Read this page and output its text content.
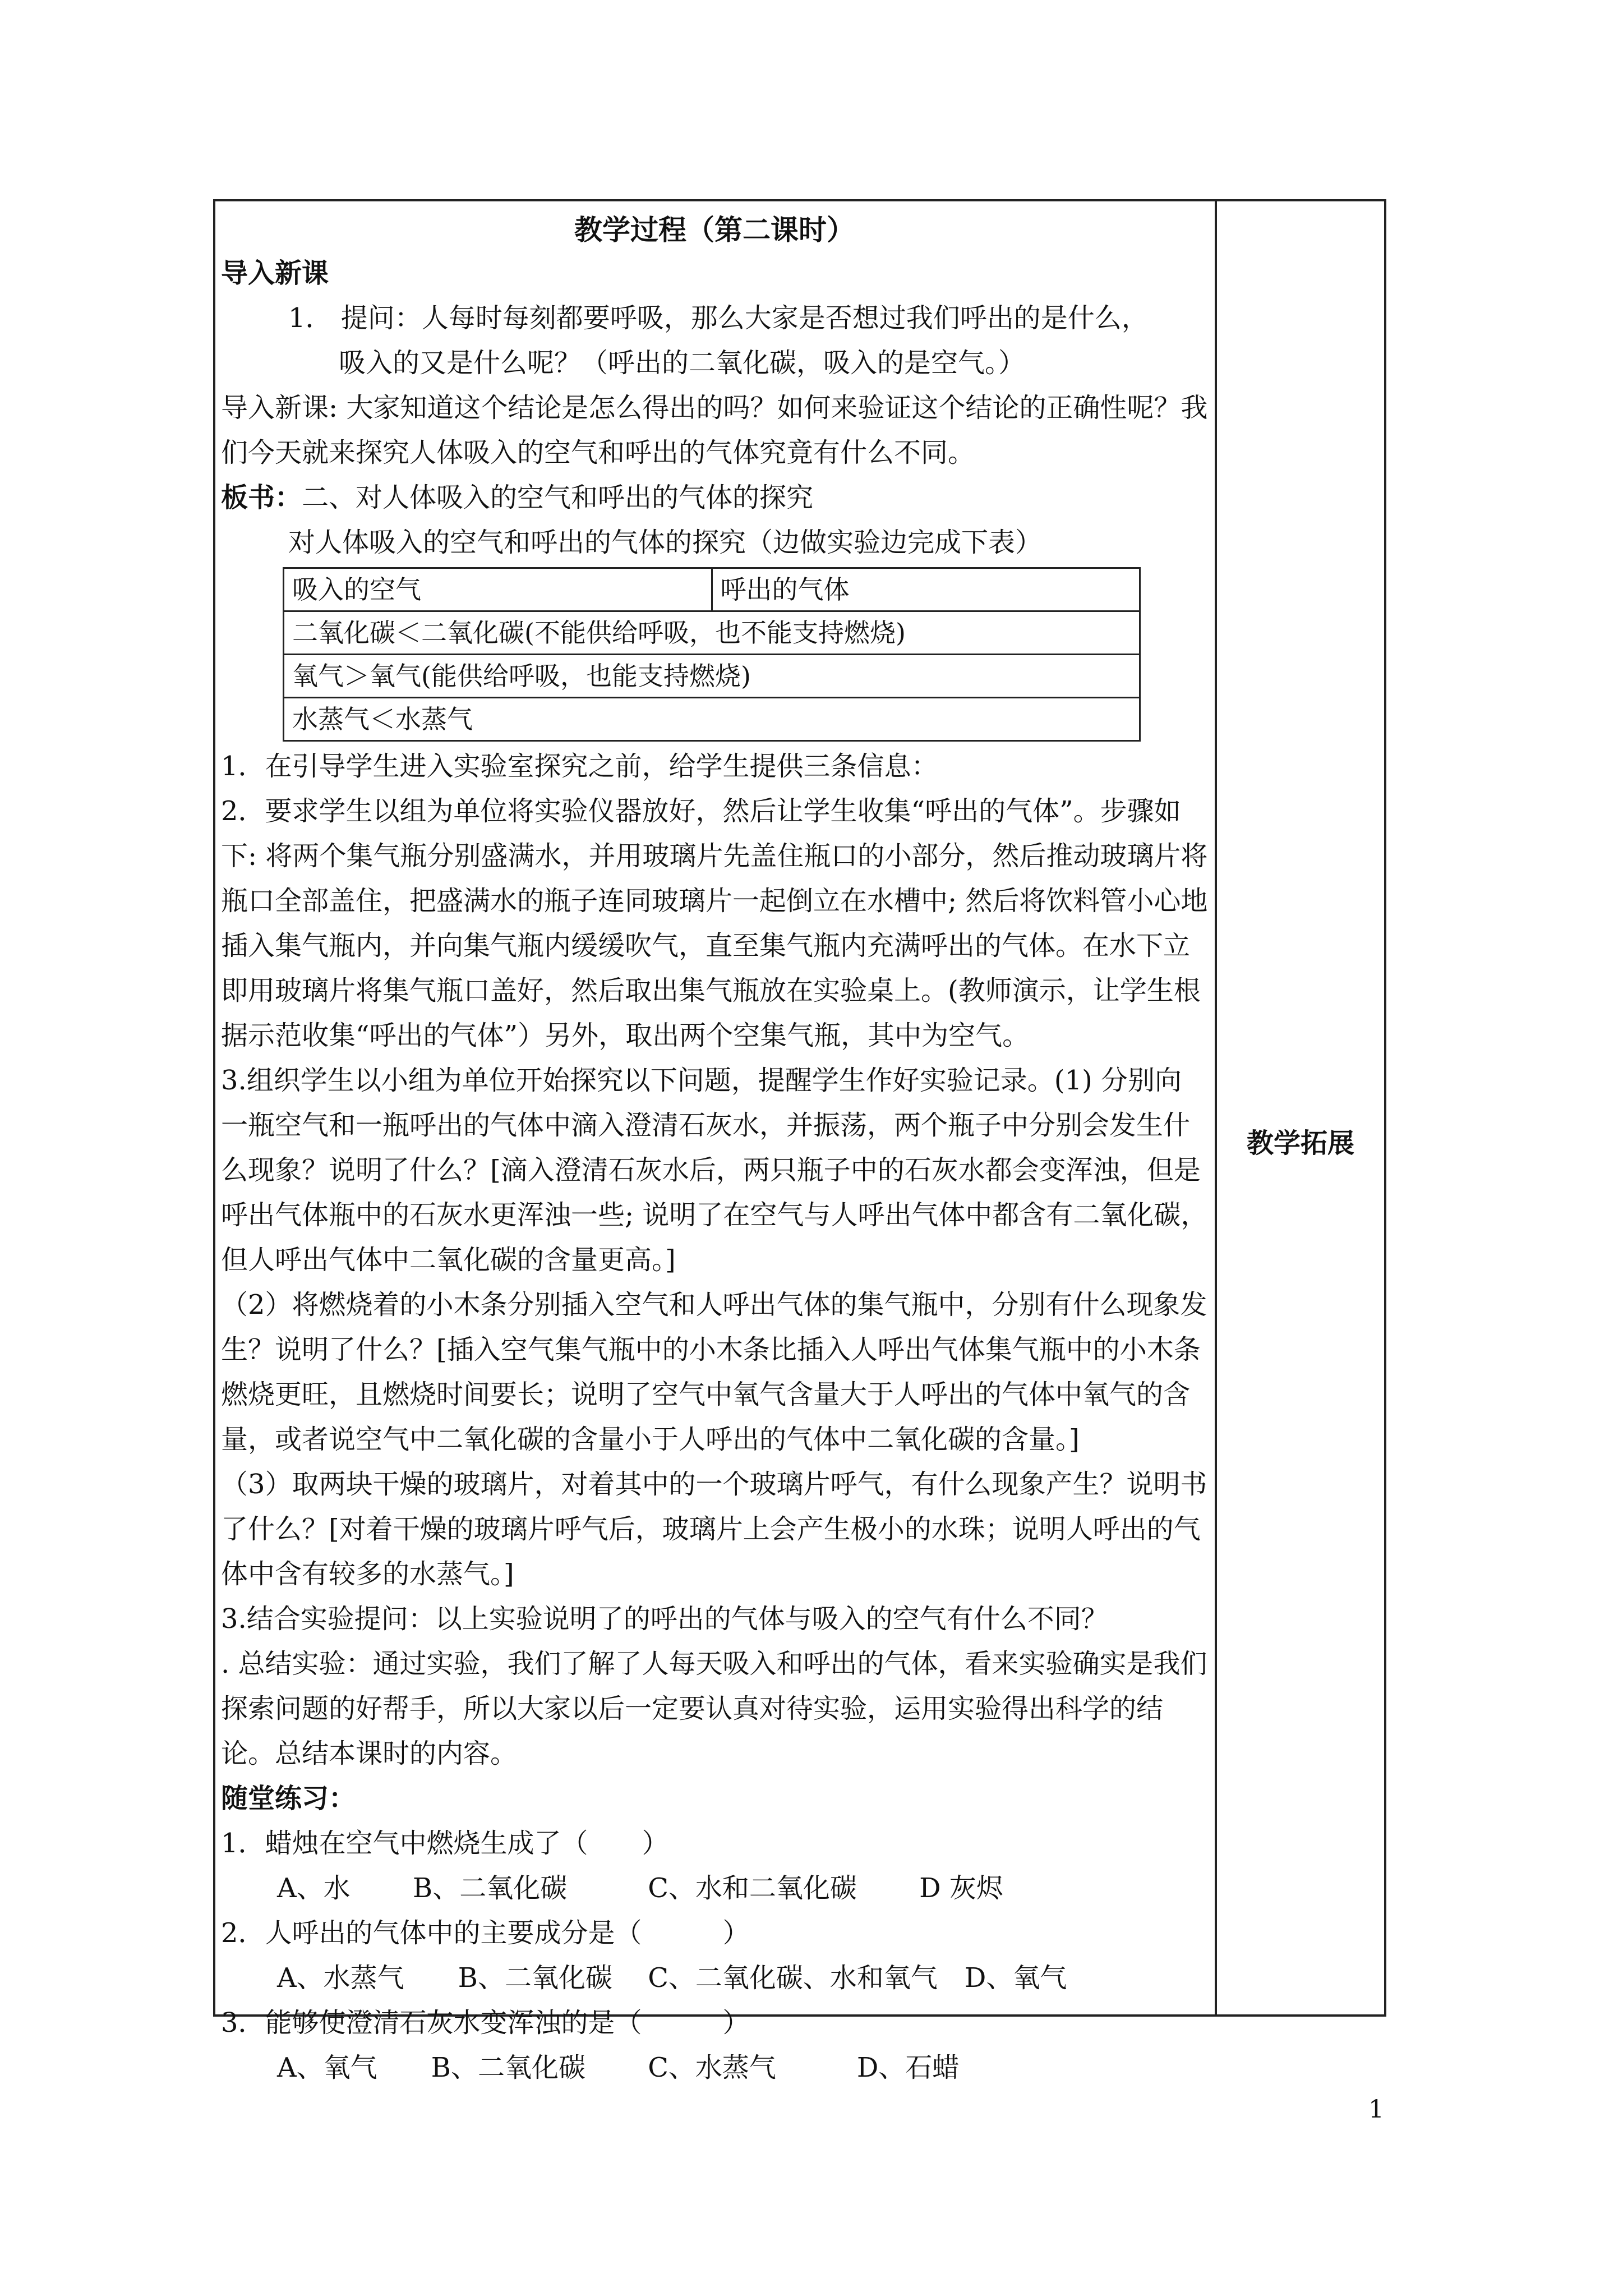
教学过程（第二课时）

导入新课

1． 提问：人每时每刻都要呼吸，那么大家是否想过我们呼出的是什么，

吸入的又是什么呢？（呼出的二氧化碳，吸入的是空气。）

导入新课: 大家知道这个结论是怎么得出的吗？如何来验证这个结论的正确性呢？我们今天就来探究人体吸入的空气和呼出的气体究竟有什么不同。

板书：二、对人体吸入的空气和呼出的气体的探究

对人体吸入的空气和呼出的气体的探究（边做实验边完成下表）

吸入的空气	呼出的气体
二氧化碳＜二氧化碳(不能供给呼吸，也不能支持燃烧)
氧气＞氧气(能供给呼吸，也能支持燃烧)
水蒸气＜水蒸气

1．在引导学生进入实验室探究之前，给学生提供三条信息：

2．要求学生以组为单位将实验仪器放好，然后让学生收集“呼出的气体”。步骤如下: 将两个集气瓶分别盛满水，并用玻璃片先盖住瓶口的小部分，然后推动玻璃片将瓶口全部盖住，把盛满水的瓶子连同玻璃片一起倒立在水槽中; 然后将饮料管小心地插入集气瓶内，并向集气瓶内缓缓吹气，直至集气瓶内充满呼出的气体。在水下立即用玻璃片将集气瓶口盖好，然后取出集气瓶放在实验桌上。(教师演示，让学生根据示范收集“呼出的气体”）另外，取出两个空集气瓶，其中为空气。

3.组织学生以小组为单位开始探究以下问题，提醒学生作好实验记录。(1) 分别向一瓶空气和一瓶呼出的气体中滴入澄清石灰水，并振荡，两个瓶子中分别会发生什么现象？说明了什么？[滴入澄清石灰水后，两只瓶子中的石灰水都会变浑浊，但是呼出气体瓶中的石灰水更浑浊一些; 说明了在空气与人呼出气体中都含有二氧化碳，但人呼出气体中二氧化碳的含量更高。]

（2）将燃烧着的小木条分别插入空气和人呼出气体的集气瓶中，分别有什么现象发生？说明了什么？[插入空气集气瓶中的小木条比插入人呼出气体集气瓶中的小木条燃烧更旺，且燃烧时间要长；说明了空气中氧气含量大于人呼出的气体中氧气的含量，或者说空气中二氧化碳的含量小于人呼出的气体中二氧化碳的含量。]

（3）取两块干燥的玻璃片，对着其中的一个玻璃片呼气，有什么现象产生？说明书了什么？[对着干燥的玻璃片呼气后，玻璃片上会产生极小的水珠；说明人呼出的气体中含有较多的水蒸气。]

3.结合实验提问：以上实验说明了的呼出的气体与吸入的空气有什么不同？

. 总结实验：通过实验，我们了解了人每天吸入和呼出的气体，看来实验确实是我们探索问题的好帮手，所以大家以后一定要认真对待实验，运用实验得出科学的结论。总结本课时的内容。

随堂练习：

1．蜡烛在空气中燃烧生成了（　　）

A、水　　 B、二氧化碳　　　C、水和二氧化碳　　 D 灰烬

2．人呼出的气体中的主要成分是（　　　）

A、水蒸气　　B、二氧化碳　 C、二氧化碳、水和氧气　D、氧气

3．能够使澄清石灰水变浑浊的是（　　　）

A、氧气　　B、二氧化碳　　 C、水蒸气　　　D、石蜡

教学拓展
1
